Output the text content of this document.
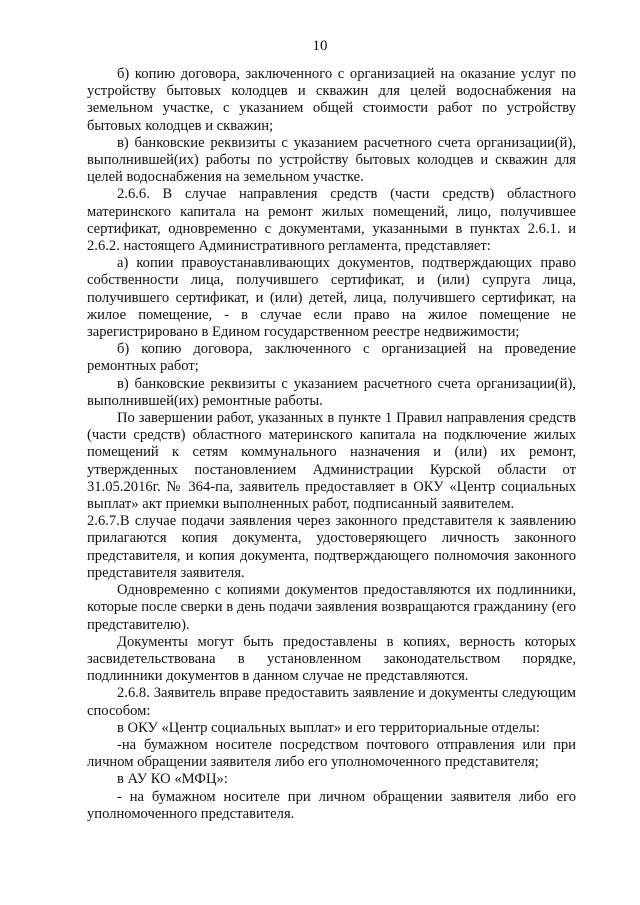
10

б) копию договора, заключенного с организацией на оказание услуг по устройству бытовых колодцев и скважин для целей водоснабжения на земельном участке, с указанием общей стоимости работ по устройству бытовых колодцев и скважин;

в) банковские реквизиты с указанием расчетного счета организации(й), выполнившей(их) работы по устройству бытовых колодцев и скважин для целей водоснабжения на земельном участке.

2.6.6. В случае направления средств (части средств) областного материнского капитала на ремонт жилых помещений, лицо, получившее сертификат, одновременно с документами, указанными в пунктах 2.6.1. и 2.6.2. настоящего Административного регламента, представляет:

а) копии правоустанавливающих документов, подтверждающих право собственности лица, получившего сертификат, и (или) супруга лица, получившего сертификат, и (или) детей, лица, получившего сертификат, на жилое помещение, - в случае если право на жилое помещение не зарегистрировано в Едином государственном реестре недвижимости;

б) копию договора, заключенного с организацией на проведение ремонтных работ;

в) банковские реквизиты с указанием расчетного счета организации(й), выполнившей(их) ремонтные работы.

По завершении работ, указанных в пункте 1 Правил направления средств (части средств) областного материнского капитала на подключение жилых помещений к сетям коммунального назначения и (или) их ремонт, утвержденных постановлением Администрации Курской области от 31.05.2016г. № 364-па, заявитель предоставляет в ОКУ «Центр социальных выплат» акт приемки выполненных работ, подписанный заявителем.

2.6.7.В случае подачи заявления через законного представителя к заявлению прилагаются копия документа, удостоверяющего личность законного представителя, и копия документа, подтверждающего полномочия законного представителя заявителя.

Одновременно с копиями документов предоставляются их подлинники, которые после сверки в день подачи заявления возвращаются гражданину (его представителю).

Документы могут быть предоставлены в копиях, верность которых засвидетельствована в установленном законодательством порядке, подлинники документов в данном случае не представляются.

2.6.8. Заявитель вправе предоставить заявление и документы следующим способом:

в ОКУ «Центр социальных выплат» и его территориальные отделы:

-на бумажном носителе посредством почтового отправления или при личном обращении заявителя либо его уполномоченного представителя;

в АУ КО «МФЦ»:

- на бумажном носителе при личном обращении заявителя либо его уполномоченного представителя.
